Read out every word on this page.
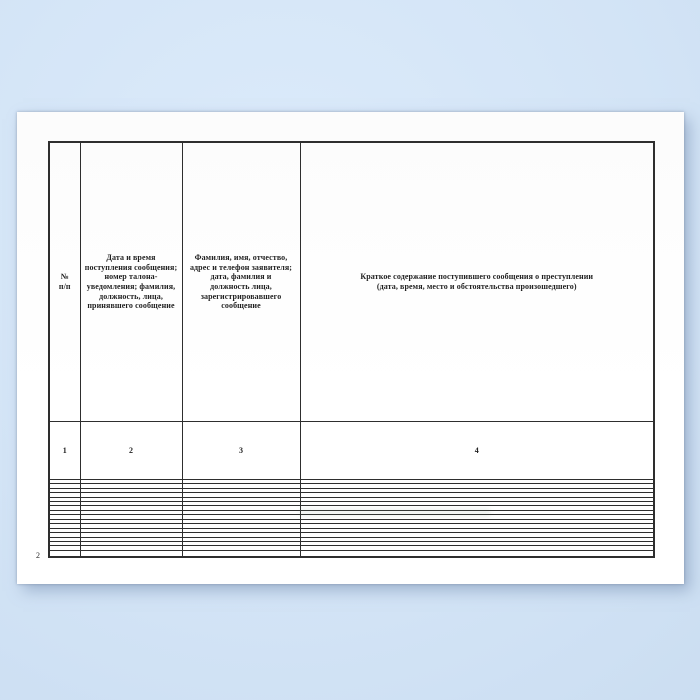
№
п/п

Дата и время
поступления сообщения;
номер талона-
уведомления; фамилия,
должность, лица,
принявшего сообщение

Фамилия, имя, отчество,
адрес и телефон заявителя;
дата, фамилия и
должность лица,
зарегистрировавшего
сообщение

Краткое содержание поступившего сообщения о преступлении
(дата, время, место и обстоятельства произошедшего)

1	2	3	4

2
